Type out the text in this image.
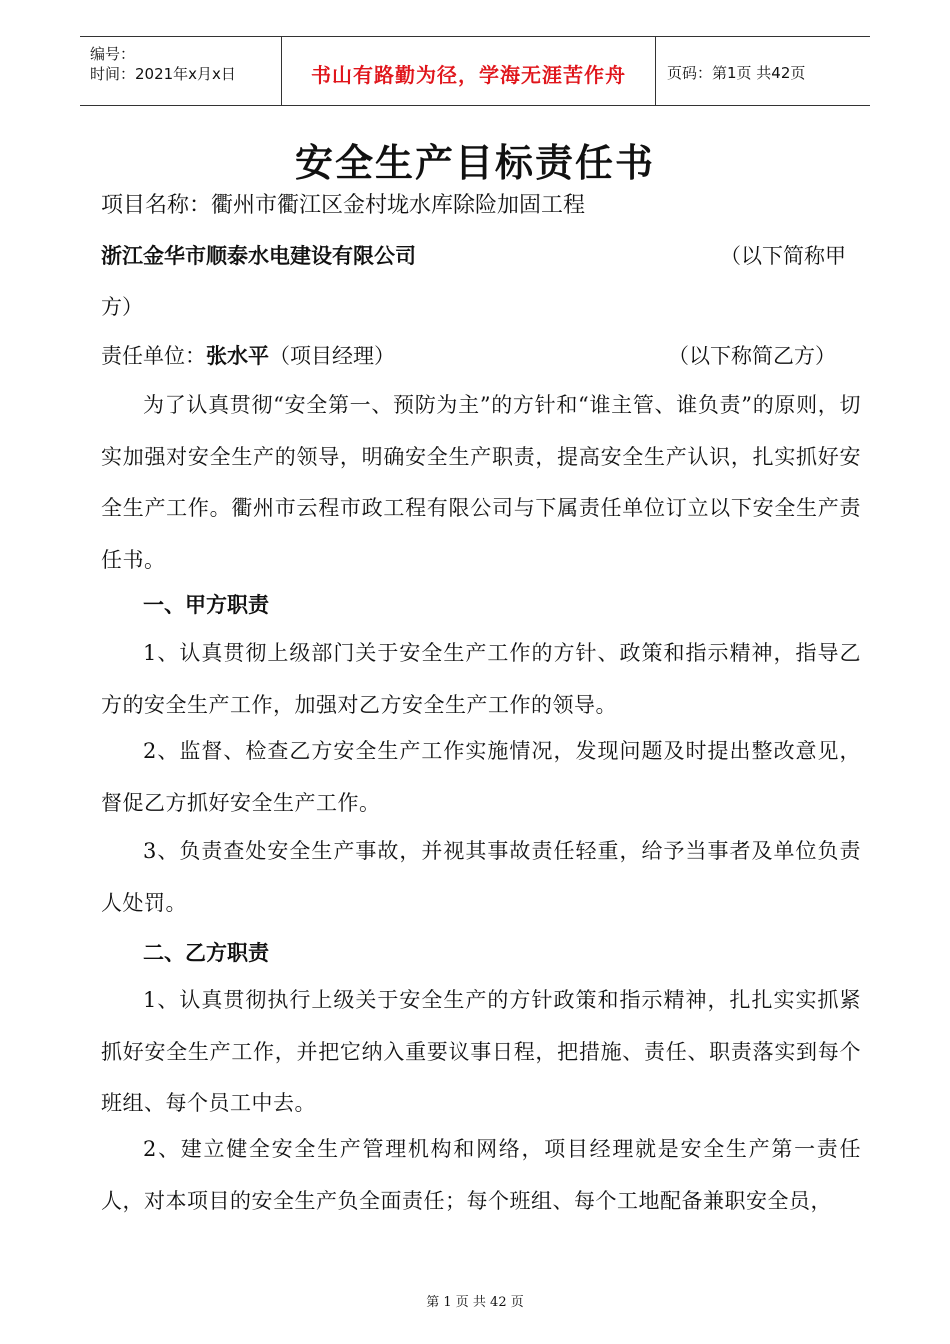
编号：
时间：2021年x月x日	书山有路勤为径，学海无涯苦作舟	页码：第1页 共42页
安全生产目标责任书
项目名称：衢州市衢江区金村垅水库除险加固工程
浙江金华市顺泰水电建设有限公司	（以下简称甲
方）
责任单位：张水平（项目经理）	（以下称简乙方）
为了认真贯彻“安全第一、预防为主”的方针和“谁主管、谁负责”的原则，切实加强对安全生产的领导，明确安全生产职责，提高安全生产认识，扎实抓好安全生产工作。衢州市云程市政工程有限公司与下属责任单位订立以下安全生产责任书。
一、甲方职责
1、认真贯彻上级部门关于安全生产工作的方针、政策和指示精神，指导乙方的安全生产工作，加强对乙方安全生产工作的领导。
2、监督、检查乙方安全生产工作实施情况，发现问题及时提出整改意见，督促乙方抓好安全生产工作。
3、负责查处安全生产事故，并视其事故责任轻重，给予当事者及单位负责人处罚。
二、乙方职责
1、认真贯彻执行上级关于安全生产的方针政策和指示精神，扎扎实实抓紧抓好安全生产工作，并把它纳入重要议事日程，把措施、责任、职责落实到每个班组、每个员工中去。
2、建立健全安全生产管理机构和网络，项目经理就是安全生产第一责任人，对本项目的安全生产负全面责任；每个班组、每个工地配备兼职安全员，
第 1 页 共 42 页
